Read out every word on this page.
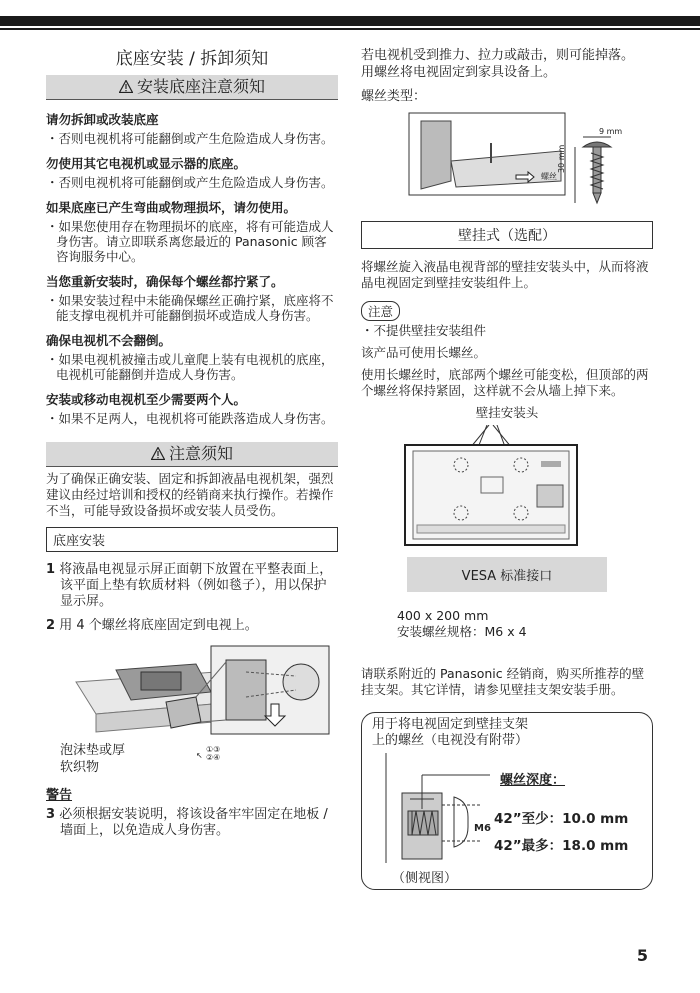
底座安装 / 拆卸须知
安装底座注意须知
请勿拆卸或改装底座
・否则电视机将可能翻倒或产生危险造成人身伤害。
勿使用其它电视机或显示器的底座。
・否则电视机将可能翻倒或产生危险造成人身伤害。
如果底座已产生弯曲或物理损坏，请勿使用。
・如果您使用存在物理损坏的底座，将有可能造成人身伤害。请立即联系离您最近的 Panasonic 顾客咨询服务中心。
当您重新安装时，确保每个螺丝都拧紧了。
・如果安装过程中未能确保螺丝正确拧紧，底座将不能支撑电视机并可能翻倒损坏或造成人身伤害。
确保电视机不会翻倒。
・如果电视机被撞击或儿童爬上装有电视机的底座，电视机可能翻倒并造成人身伤害。
安装或移动电视机至少需要两个人。
・如果不足两人，电视机将可能跌落造成人身伤害。
注意须知
为了确保正确安装、固定和拆卸液晶电视机架，强烈建议由经过培训和授权的经销商来执行操作。若操作不当，可能导致设备损坏或安装人员受伤。
底座安装
1 将液晶电视显示屏正面朝下放置在平整表面上，该平面上垫有软质材料（例如毯子），用以保护显示屏。
2 用 4 个螺丝将底座固定到电视上。
↖
①③
②④
泡沫垫或厚
软织物
警告
3 必须根据安装说明，将该设备牢牢固定在地板 / 墙面上，以免造成人身伤害。
若电视机受到推力、拉力或敲击，则可能掉落。
用螺丝将电视固定到家具设备上。
螺丝类型：
螺丝
9 mm
30 mm
壁挂式（选配）
将螺丝旋入液晶电视背部的壁挂安装头中，从而将液晶电视固定到壁挂安装组件上。
注意
・不提供壁挂安装组件
该产品可使用长螺丝。
使用长螺丝时，底部两个螺丝可能变松，但顶部的两个螺丝将保持紧固，这样就不会从墙上掉下来。
壁挂安装头
VESA 标准接口
400 x 200 mm
安装螺丝规格：M6 x 4
请联系附近的 Panasonic 经销商，购买所推荐的壁挂支架。其它详情，请参见壁挂支架安装手册。
用于将电视固定到壁挂支架
上的螺丝（电视没有附带）
螺丝深度：
M6
42”至少：10.0 mm
42”最多：18.0 mm
（侧视图）
5
